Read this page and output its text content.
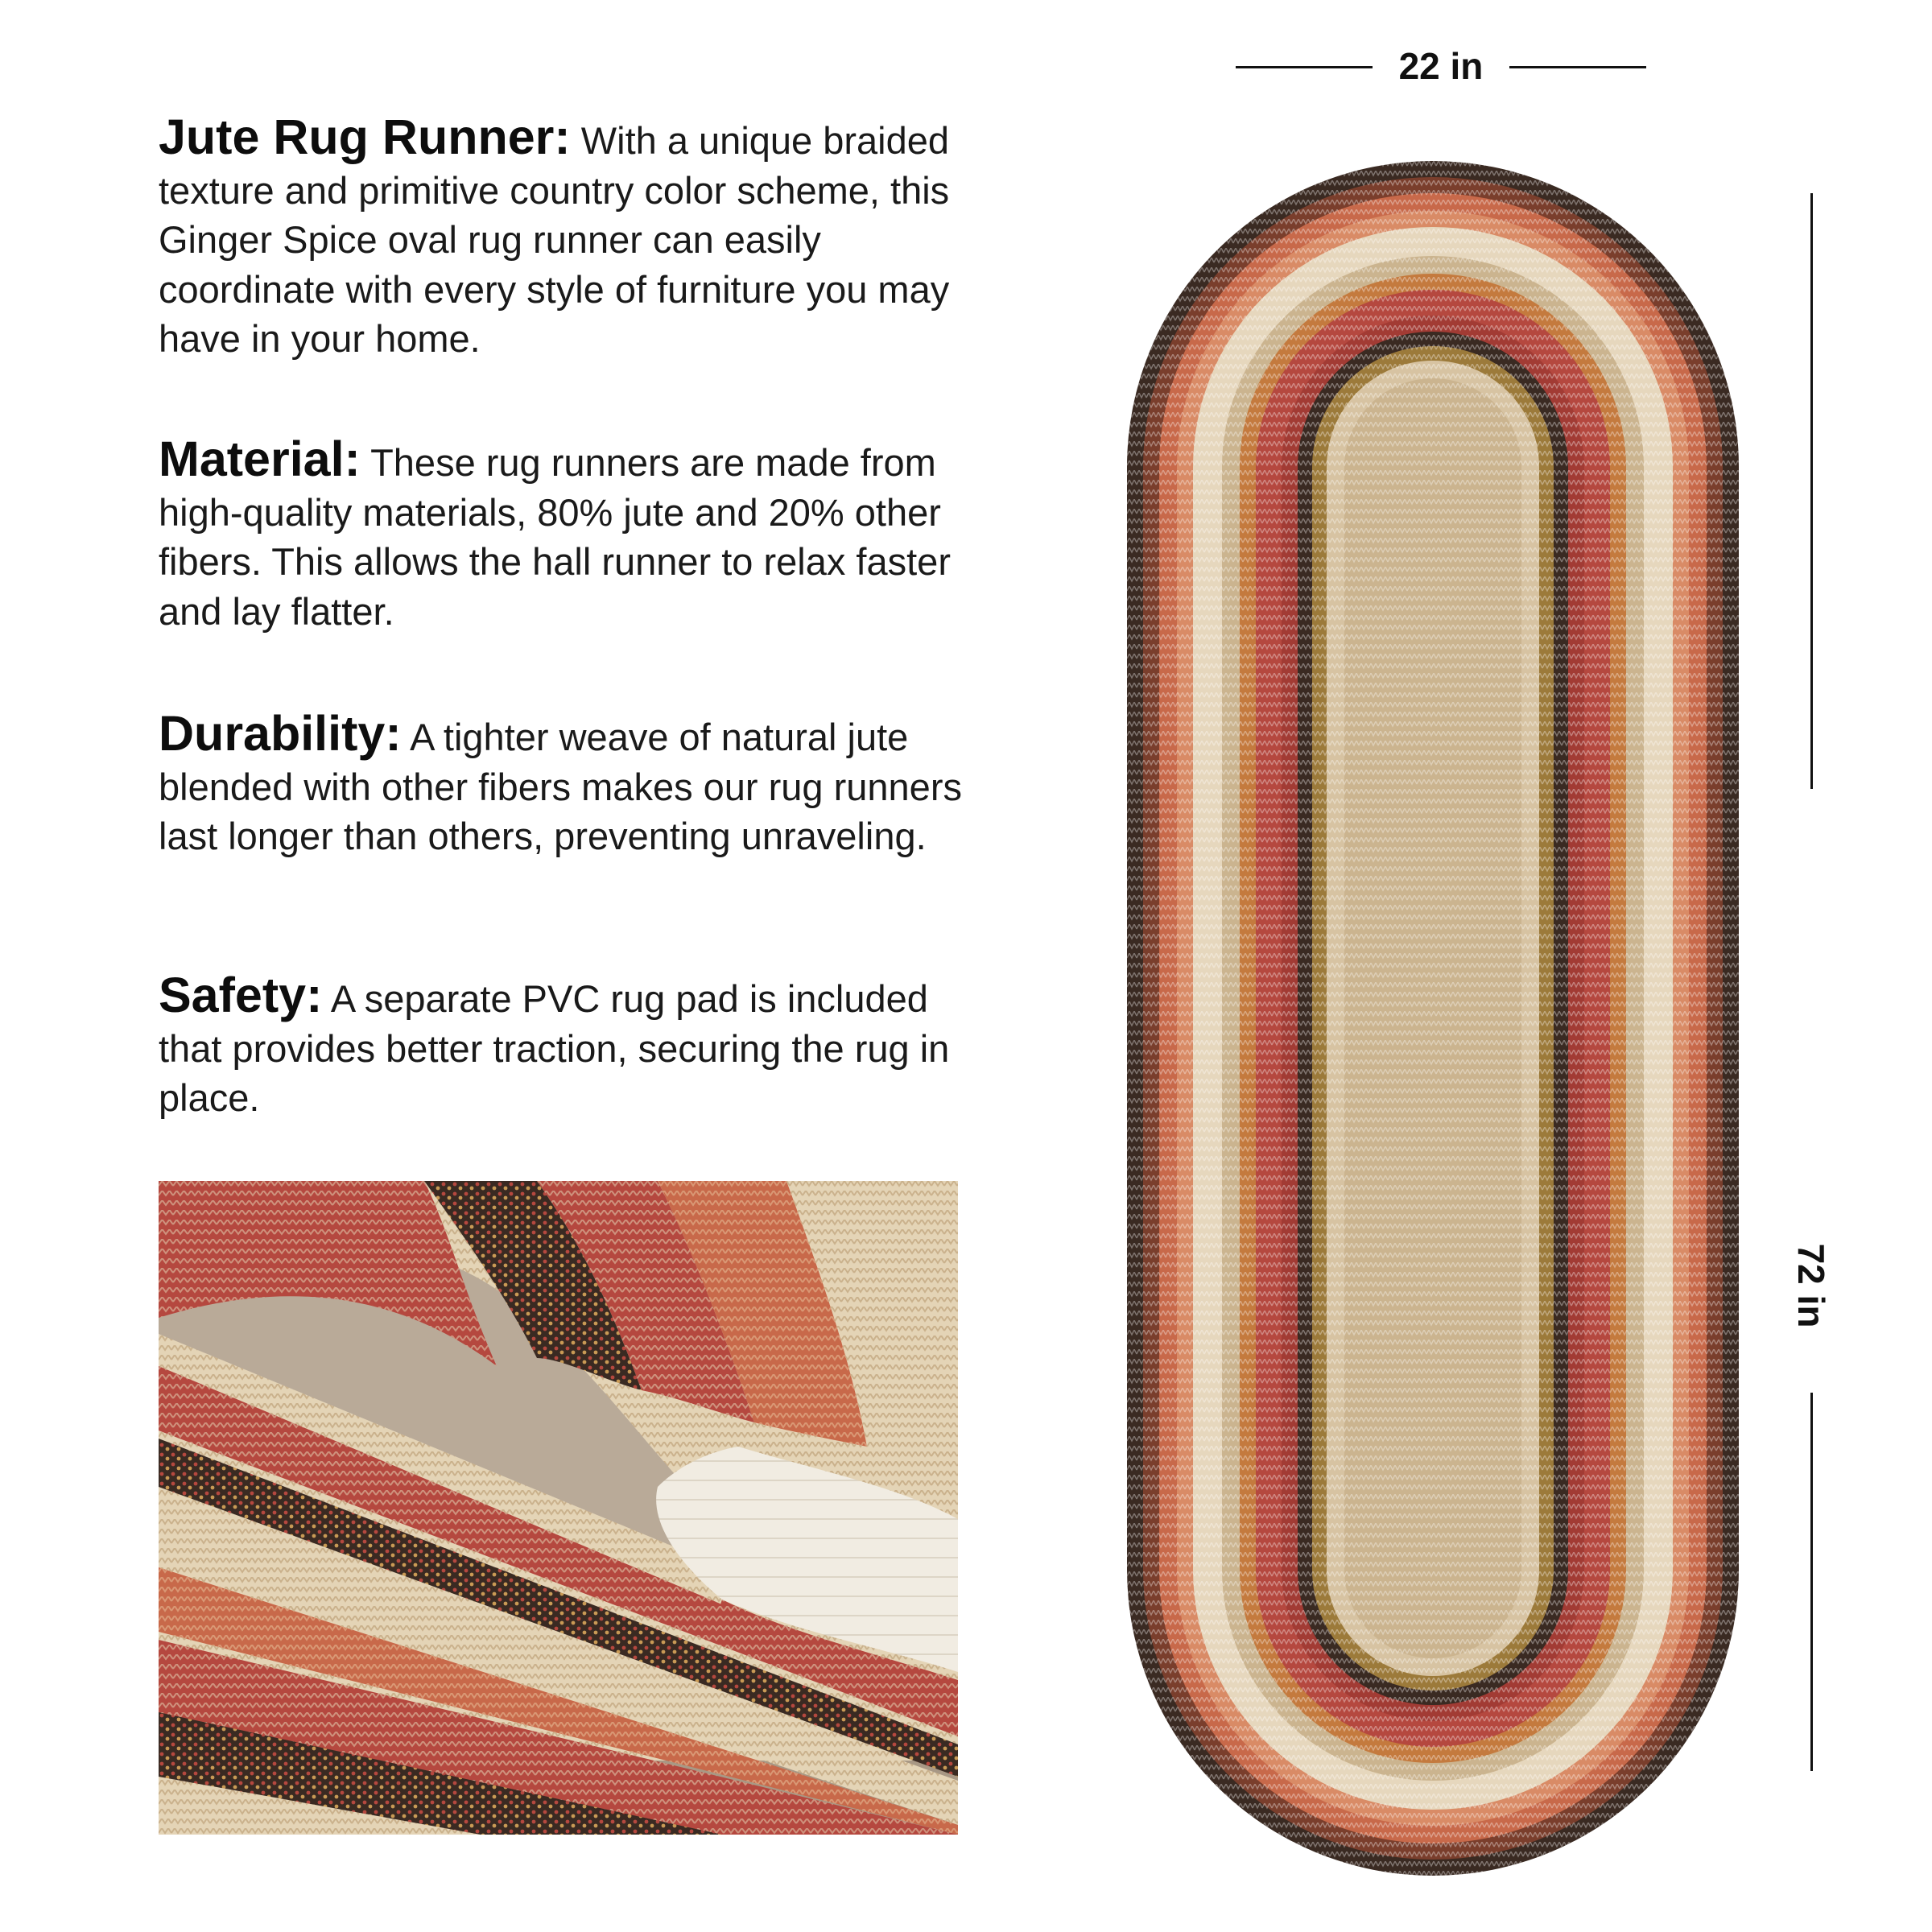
Jute Rug Runner: With a unique braided texture and primitive country color scheme, this Ginger Spice oval rug runner can easily coordinate with every style of furniture you may have in your home.
Material: These rug runners are made from high-quality materials, 80% jute and 20% other fibers. This allows the hall runner to relax faster and lay flatter.
Durability: A tighter weave of natural jute blended with other fibers makes our rug runners last longer than others, preventing unraveling.
Safety: A separate PVC rug pad is included that provides better traction, securing the rug in place.
22 in
72 in
